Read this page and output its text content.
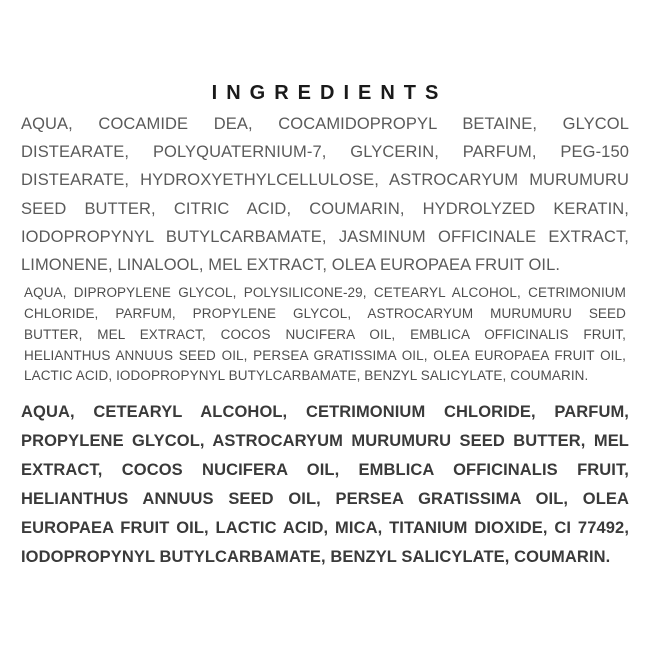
INGREDIENTS
AQUA, COCAMIDE DEA, COCAMIDOPROPYL BETAINE, GLYCOL
DISTEARATE, POLYQUATERNIUM-7, GLYCERIN, PARFUM, PEG-150
DISTEARATE, HYDROXYETHYLCELLULOSE, ASTROCARYUM MURUMURU
SEED BUTTER, CITRIC ACID, COUMARIN, HYDROLYZED KERATIN,
IODOPROPYNYL BUTYLCARBAMATE, JASMINUM OFFICINALE EXTRACT,
LIMONENE, LINALOOL, MEL EXTRACT, OLEA EUROPAEA FRUIT OIL.
AQUA, DIPROPYLENE GLYCOL, POLYSILICONE-29, CETEARYL ALCOHOL, CETRIMONIUM
CHLORIDE, PARFUM, PROPYLENE GLYCOL, ASTROCARYUM MURUMURU SEED
BUTTER, MEL EXTRACT, COCOS NUCIFERA OIL, EMBLICA OFFICINALIS FRUIT,
HELIANTHUS ANNUUS SEED OIL, PERSEA GRATISSIMA OIL, OLEA EUROPAEA FRUIT OIL,
LACTIC ACID, IODOPROPYNYL BUTYLCARBAMATE, BENZYL SALICYLATE, COUMARIN.
AQUA, CETEARYL ALCOHOL, CETRIMONIUM CHLORIDE, PARFUM,
PROPYLENE GLYCOL, ASTROCARYUM MURUMURU SEED BUTTER, MEL
EXTRACT, COCOS NUCIFERA OIL, EMBLICA OFFICINALIS FRUIT,
HELIANTHUS ANNUUS SEED OIL, PERSEA GRATISSIMA OIL, OLEA
EUROPAEA FRUIT OIL, LACTIC ACID, MICA, TITANIUM DIOXIDE, CI 77492,
IODOPROPYNYL BUTYLCARBAMATE, BENZYL SALICYLATE, COUMARIN.
